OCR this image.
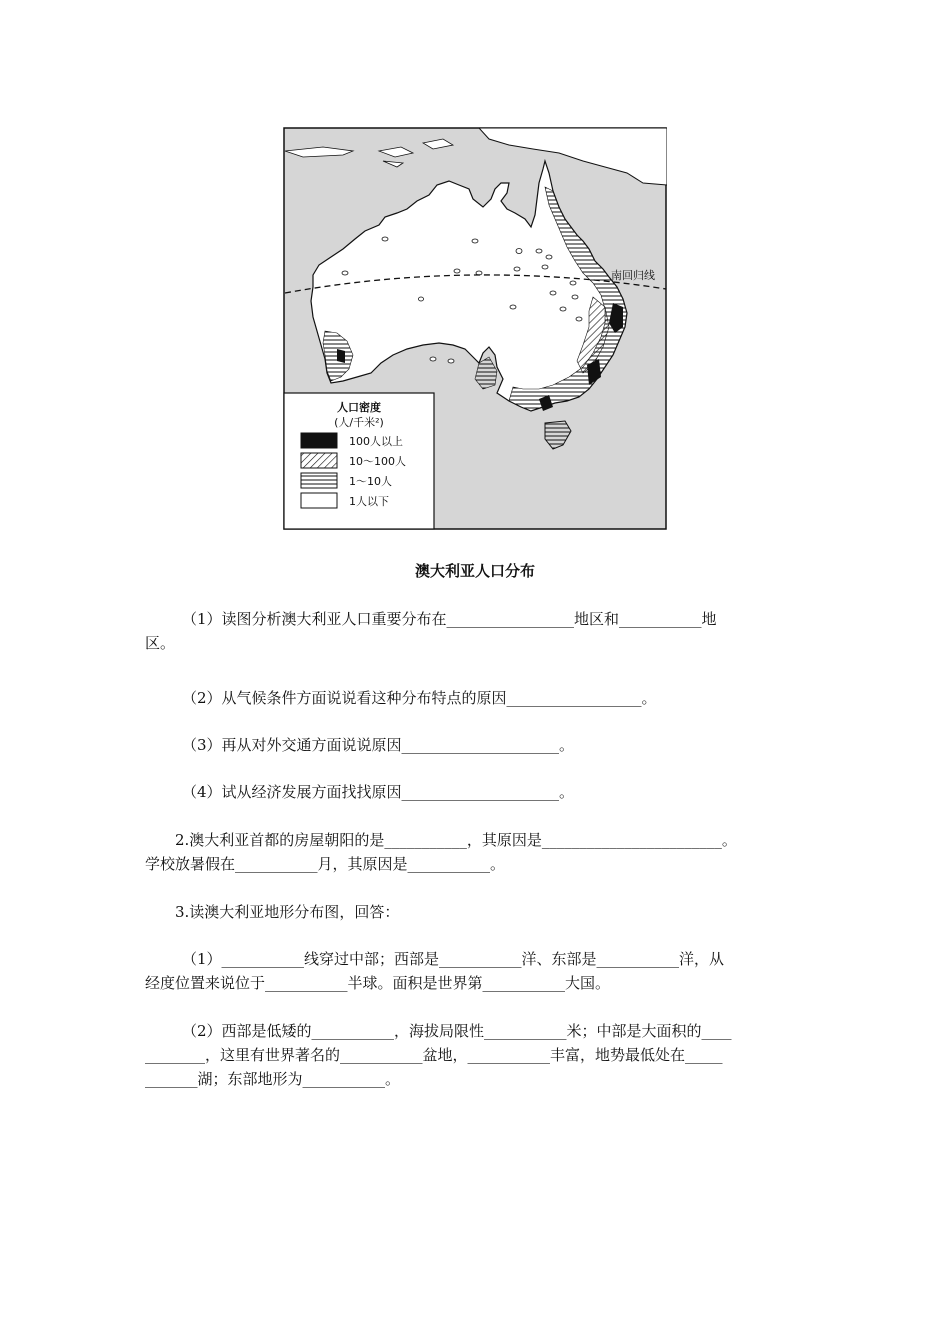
南回归线
人口密度
(人/千米²)
100人以上
10～100人
1～10人
1人以下
澳大利亚人口分布
（1）读图分析澳大利亚人口重要分布在_________________地区和___________地
区。
（2）从气候条件方面说说看这种分布特点的原因__________________。
（3）再从对外交通方面说说原因_____________________。
（4）试从经济发展方面找找原因_____________________。
2.澳大利亚首都的房屋朝阳的是___________，其原因是________________________。
学校放暑假在___________月，其原因是___________。
3.读澳大利亚地形分布图，回答：
（1）___________线穿过中部；西部是___________洋、东部是___________洋，从
经度位置来说位于___________半球。面积是世界第___________大国。
（2）西部是低矮的___________，海拔局限性___________米；中部是大面积的____
________，这里有世界著名的___________盆地，___________丰富，地势最低处在_____
_______湖；东部地形为___________。
